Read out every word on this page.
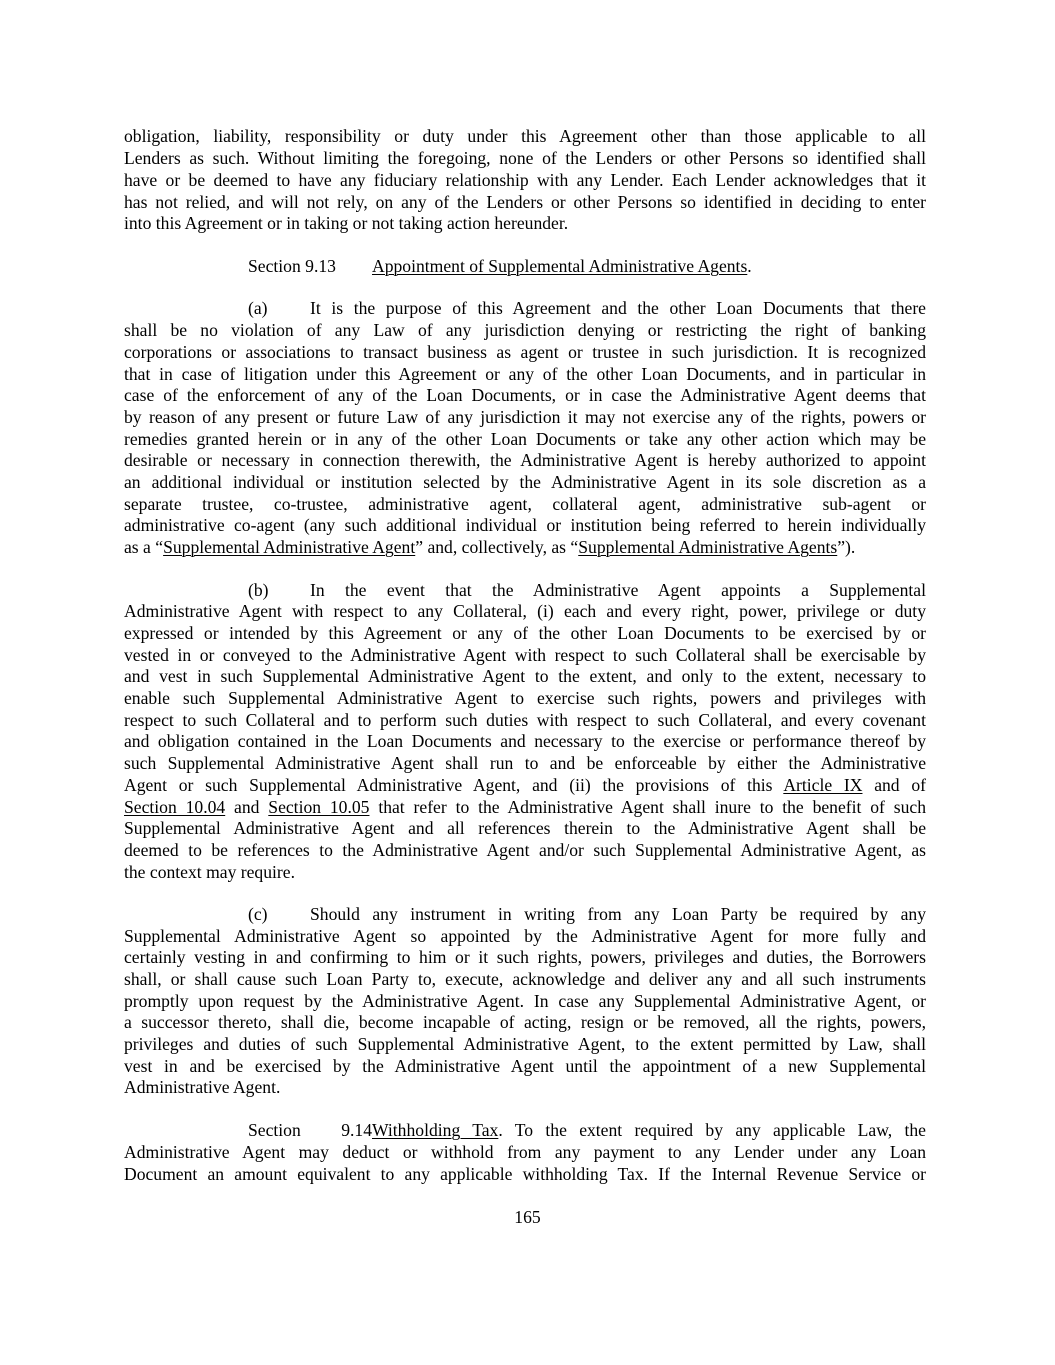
obligation, liability, responsibility or duty under this Agreement other than those applicable to all
Lenders as such. Without limiting the foregoing, none of the Lenders or other Persons so identified shall
have or be deemed to have any fiduciary relationship with any Lender. Each Lender acknowledges that it
has not relied, and will not rely, on any of the Lenders or other Persons so identified in deciding to enter
into this Agreement or in taking or not taking action hereunder.
Section 9.13 Appointment of Supplemental Administrative Agents.
(a) It is the purpose of this Agreement and the other Loan Documents that there
shall be no violation of any Law of any jurisdiction denying or restricting the right of banking
corporations or associations to transact business as agent or trustee in such jurisdiction. It is recognized
that in case of litigation under this Agreement or any of the other Loan Documents, and in particular in
case of the enforcement of any of the Loan Documents, or in case the Administrative Agent deems that
by reason of any present or future Law of any jurisdiction it may not exercise any of the rights, powers or
remedies granted herein or in any of the other Loan Documents or take any other action which may be
desirable or necessary in connection therewith, the Administrative Agent is hereby authorized to appoint
an additional individual or institution selected by the Administrative Agent in its sole discretion as a
separate trustee, co-trustee, administrative agent, collateral agent, administrative sub-agent or
administrative co-agent (any such additional individual or institution being referred to herein individually
as a “Supplemental Administrative Agent” and, collectively, as “Supplemental Administrative Agents”).
(b) In the event that the Administrative Agent appoints a Supplemental
Administrative Agent with respect to any Collateral, (i) each and every right, power, privilege or duty
expressed or intended by this Agreement or any of the other Loan Documents to be exercised by or
vested in or conveyed to the Administrative Agent with respect to such Collateral shall be exercisable by
and vest in such Supplemental Administrative Agent to the extent, and only to the extent, necessary to
enable such Supplemental Administrative Agent to exercise such rights, powers and privileges with
respect to such Collateral and to perform such duties with respect to such Collateral, and every covenant
and obligation contained in the Loan Documents and necessary to the exercise or performance thereof by
such Supplemental Administrative Agent shall run to and be enforceable by either the Administrative
Agent or such Supplemental Administrative Agent, and (ii) the provisions of this Article IX and of
Section 10.04 and Section 10.05 that refer to the Administrative Agent shall inure to the benefit of such
Supplemental Administrative Agent and all references therein to the Administrative Agent shall be
deemed to be references to the Administrative Agent and/or such Supplemental Administrative Agent, as
the context may require.
(c) Should any instrument in writing from any Loan Party be required by any
Supplemental Administrative Agent so appointed by the Administrative Agent for more fully and
certainly vesting in and confirming to him or it such rights, powers, privileges and duties, the Borrowers
shall, or shall cause such Loan Party to, execute, acknowledge and deliver any and all such instruments
promptly upon request by the Administrative Agent. In case any Supplemental Administrative Agent, or
a successor thereto, shall die, become incapable of acting, resign or be removed, all the rights, powers,
privileges and duties of such Supplemental Administrative Agent, to the extent permitted by Law, shall
vest in and be exercised by the Administrative Agent until the appointment of a new Supplemental
Administrative Agent.
Section 9.14Withholding Tax. To the extent required by any applicable Law, the
Administrative Agent may deduct or withhold from any payment to any Lender under any Loan
Document an amount equivalent to any applicable withholding Tax. If the Internal Revenue Service or
165
